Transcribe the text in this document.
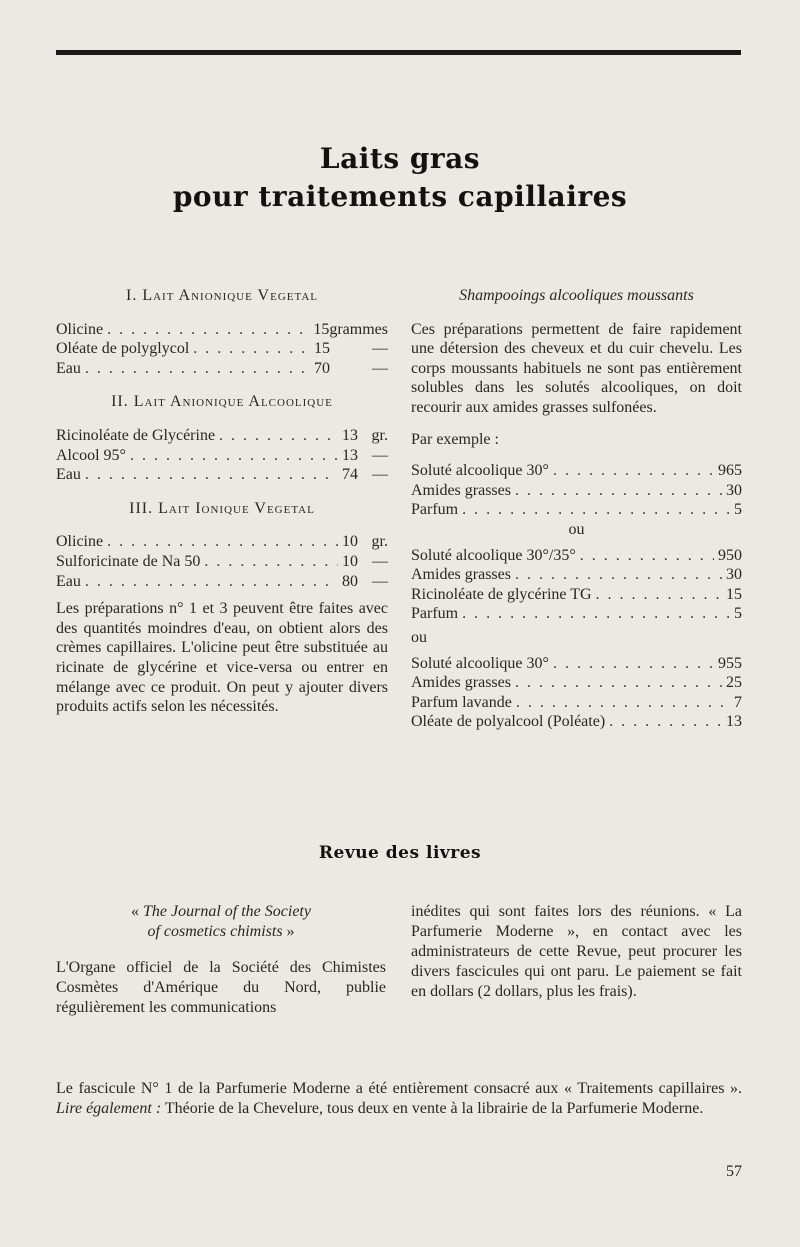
Laits gras
pour traitements capillaires
I. Lait Anionique Vegetal
Olicine . . .	15 grammes
Oléate de polyglycol . . .	15	—
Eau . . .	70	—
II. Lait Anionique Alcoolique
Ricinoléate de Glycérine . . .	13 gr.
Alcool 95° . . .	13 —
Eau . . .	74 —
III. Lait Ionique Vegetal
Olicine . . .	10 gr.
Sulforicinate de Na 50 . . .	10 —
Eau . . .	80 —
Les préparations n° 1 et 3 peuvent être faites avec des quantités moindres d'eau, on obtient alors des crèmes capillaires. L'olicine peut être substituée au ricinate de glycérine et vice-versa ou entrer en mélange avec ce produit. On peut y ajouter divers produits actifs selon les nécessités.
Shampooings alcooliques moussants
Ces préparations permettent de faire rapidement une détersion des cheveux et du cuir chevelu. Les corps moussants habituels ne sont pas entièrement solubles dans les solutés alcooliques, on doit recourir aux amides grasses sulfonées.
Par exemple :
Soluté alcoolique 30° . . .	965
Amides grasses . . .	30
Parfum . . .	5
ou
Soluté alcoolique 30°/35° . . .	950
Amides grasses . . .	30
Ricinoléate de glycérine TG . . .	15
Parfum . . .	5
ou
Soluté alcoolique 30° . . .	955
Amides grasses . . .	25
Parfum lavande . . .	7
Oléate de polyalcool (Poléate) . . .	13
Revue des livres
« The Journal of the Society
of cosmetics chimists »
L'Organe officiel de la Société des Chimistes Cosmètes d'Amérique du Nord, publie régulièrement les communications
inédites qui sont faites lors des réunions. « La Parfumerie Moderne », en contact avec les administrateurs de cette Revue, peut procurer les divers fascicules qui ont paru. Le paiement se fait en dollars (2 dollars, plus les frais).
Le fascicule N° 1 de la Parfumerie Moderne a été entièrement consacré aux « Traitements capillaires ». Lire également : Théorie de la Chevelure, tous deux en vente à la librairie de la Parfumerie Moderne.
57
